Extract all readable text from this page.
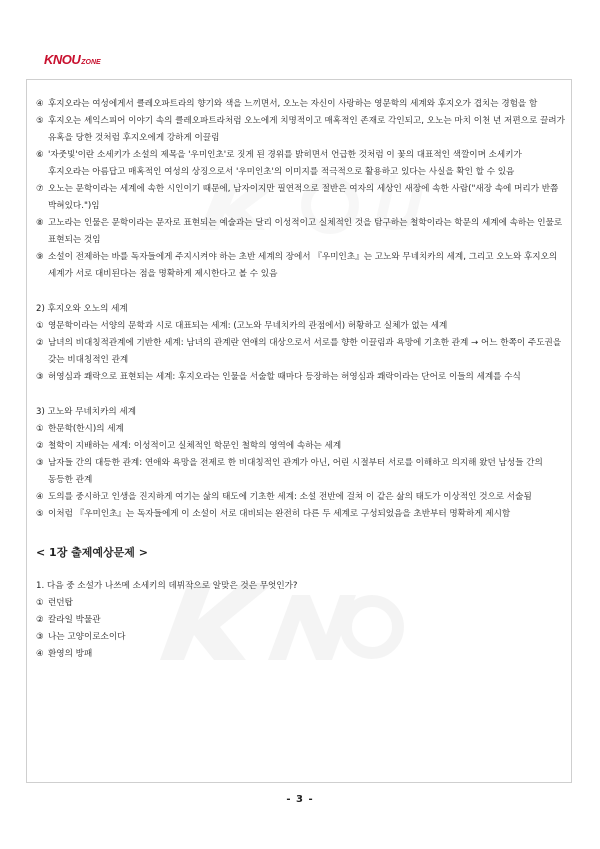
KNOU ZONE
④ 후지오라는 여성에게서 클레오파트라의 향기와 색을 느끼면서, 오노는 자신이 사랑하는 영문학의 세계와 후지오가 겹치는 경험을 함
⑤ 후지오는 셰익스피어 이야기 속의 클레오파트라처럼 오노에게 치명적이고 매혹적인 존재로 각인되고, 오노는 마치 이천 년 저편으로 끌려가 유혹을 당한 것처럼 후지오에게 강하게 이끌림
⑥ '자줏빛'이란 소세키가 소설의 제목을 '우미인초'로 짓게 된 경위를 밝히면서 언급한 것처럼 이 꽃의 대표적인 색깔이며 소세키가 후지오라는 아름답고 매혹적인 여성의 상징으로서 '우미인초'의 이미지를 적극적으로 활용하고 있다는 사실을 확인 할 수 있음
⑦ 오노는 문학이라는 세계에 속한 시인이기 때문에, 남자이지만 필연적으로 절반은 여자의 세상인 새장에 속한 사람("새장 속에 머리가 반쯤 박혀있다.")임
⑧ 고노라는 인물은 문학이라는 문자로 표현되는 예술과는 달리 이성적이고 실체적인 것을 탐구하는 철학이라는 학문의 세계에 속하는 인물로 표현되는 것임
⑨ 소설이 전제하는 바를 독자들에게 주지시켜야 하는 초반 세계의 장에서 『우미인초』는 고노와 무네치카의 세계, 그리고 오노와 후지오의 세계가 서로 대비된다는 점을 명확하게 제시한다고 볼 수 있음
2) 후지오와 오노의 세계
① 영문학이라는 서양의 문학과 시로 대표되는 세계: (고노와 무네치카의 관점에서) 허황하고 실체가 없는 세계
② 남녀의 비대칭적관계에 기반한 세계: 남녀의 관계란 연애의 대상으로서 서로를 향한 이끌림과 욕망에 기초한 관계 → 어느 한쪽이 주도권을 갖는 비대칭적인 관계
③ 허영심과 쾌락으로 표현되는 세계: 후지오라는 인물을 서술할 때마다 등장하는 허영심과 쾌락이라는 단어로 이들의 세계를 수식
3) 고노와 무네치카의 세계
① 한문학(한시)의 세계
② 철학이 지배하는 세계: 이성적이고 실체적인 학문인 철학의 영역에 속하는 세계
③ 남자들 간의 대등한 관계: 연애와 욕망을 전제로 한 비대칭적인 관계가 아닌, 어린 시절부터 서로를 이해하고 의지해 왔던 남성들 간의 동등한 관계
④ 도의를 중시하고 인생을 진지하게 여기는 삶의 태도에 기초한 세계: 소설 전반에 걸쳐 이 같은 삶의 태도가 이상적인 것으로 서술됨
⑤ 이처럼 『우미인초』는 독자들에게 이 소설이 서로 대비되는 완전히 다른 두 세계로 구성되었음을 초반부터 명확하게 제시함
< 1장 출제예상문제 >
1. 다음 중 소설가 나쓰메 소세키의 데뷔작으로 알맞은 것은 무엇인가?
① 런던탑
② 칼라일 박물관
③ 나는 고양이로소이다
④ 환영의 방패
- 3 -
